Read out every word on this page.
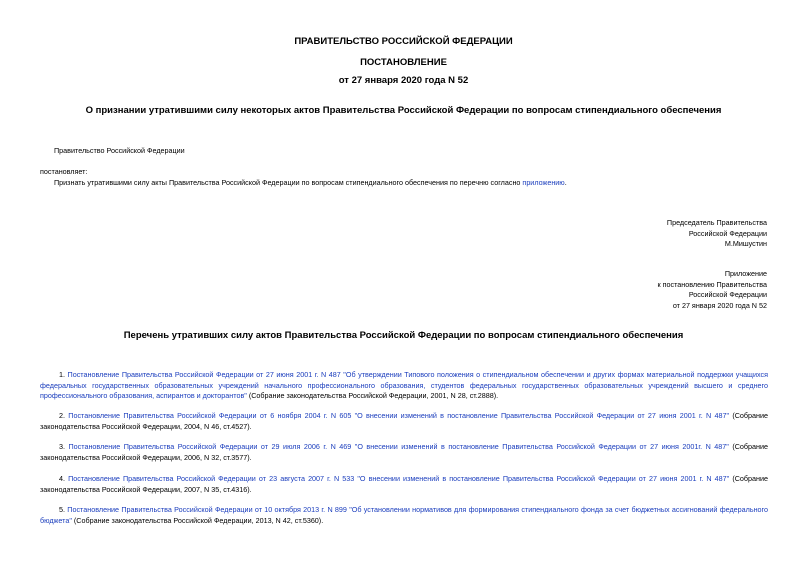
ПРАВИТЕЛЬСТВО РОССИЙСКОЙ ФЕДЕРАЦИИ
ПОСТАНОВЛЕНИЕ
от 27 января 2020 года N 52
О признании утратившими силу некоторых актов Правительства Российской Федерации по вопросам стипендиального обеспечения
Правительство Российской Федерации
постановляет:
Признать утратившими силу акты Правительства Российской Федерации по вопросам стипендиального обеспечения по перечню согласно приложению.
Председатель Правительства
Российской Федерации
М.Мишустин
Приложение
к постановлению Правительства
Российской Федерации
от 27 января 2020 года N 52
Перечень утративших силу актов Правительства Российской Федерации по вопросам стипендиального обеспечения

1. Постановление Правительства Российской Федерации от 27 июня 2001 г. N 487 "Об утверждении Типового положения о стипендиальном обеспечении и других формах материальной поддержки учащихся федеральных государственных образовательных учреждений начального профессионального образования, студентов федеральных государственных образовательных учреждений высшего и среднего профессионального образования, аспирантов и докторантов" (Собрание законодательства Российской Федерации, 2001, N 28, ст.2888).

2. Постановление Правительства Российской Федерации от 6 ноября 2004 г. N 605 "О внесении изменений в постановление Правительства Российской Федерации от 27 июня 2001 г. N 487" (Собрание законодательства Российской Федерации, 2004, N 46, ст.4527).

3. Постановление Правительства Российской Федерации от 29 июля 2006 г. N 469 "О внесении изменений в постановление Правительства Российской Федерации от 27 июня 2001г. N 487" (Собрание законодательства Российской Федерации, 2006, N 32, ст.3577).

4. Постановление Правительства Российской Федерации от 23 августа 2007 г. N 533 "О внесении изменений в постановление Правительства Российской Федерации от 27 июня 2001 г. N 487" (Собрание законодательства Российской Федерации, 2007, N 35, ст.4316).

5. Постановление Правительства Российской Федерации от 10 октября 2013 г. N 899 "Об установлении нормативов для формирования стипендиального фонда за счет бюджетных ассигнований федерального бюджета" (Собрание законодательства Российской Федерации, 2013, N 42, ст.5360).
